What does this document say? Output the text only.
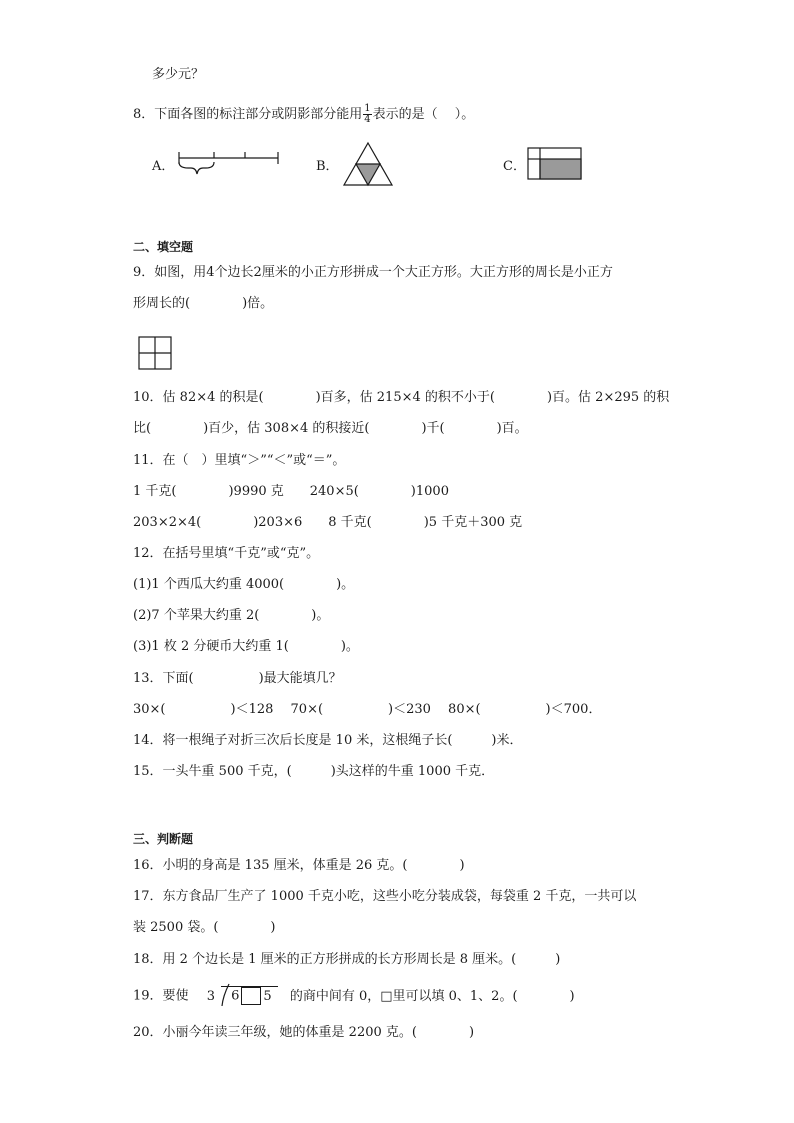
多少元？
8．下面各图的标注部分或阴影部分能用 $\frac{1}{4}$ 表示的是（　 ）。
A．	B．	C．
二、填空题
9．如图，用4个边长2厘米的小正方形拼成一个大正方形。大正方形的周长是小正方
形周长的(　　　　)倍。
10．估 82×4 的积是(　　　　)百多，估 215×4 的积不小于(　　　　)百。估 2×295 的积
比(　　　　)百少，估 308×4 的积接近(　　　　)千(　　　　)百。
11．在（　）里填“＞”“＜”或“＝”。
1 千克(　　　　)9990 克　　240×5(　　　　)1000
203×2×4(　　　　)203×6　　8 千克(　　　　)5 千克＋300 克
12．在括号里填“千克”或“克”。
(1)1 个西瓜大约重 4000(　　　　)。
(2)7 个苹果大约重 2(　　　　)。
(3)1 枚 2 分硬币大约重 1(　　　　)。
13．下面(　　　　　)最大能填几？
30×(　　　　　)＜128　 70×(　　　　　)＜230　 80×(　　　　　)＜700．
14．将一根绳子对折三次后长度是 10 米，这根绳子长(　　　)米．
15．一头牛重 500 千克，(　　　)头这样的牛重 1000 千克．
三、判断题
16．小明的身高是 135 厘米，体重是 26 克。(　　　　)
17．东方食品厂生产了 1000 千克小吃，这些小吃分装成袋，每袋重 2 千克，一共可以
装 2500 袋。(　　　　)
18．用 2 个边长是 1 厘米的正方形拼成的长方形周长是 8 厘米。(　　　)
19．要使 3 6 5 的商中间有 0，□里可以填 0、1、2。(　　　　)
20．小丽今年读三年级，她的体重是 2200 克。(　　　　)
